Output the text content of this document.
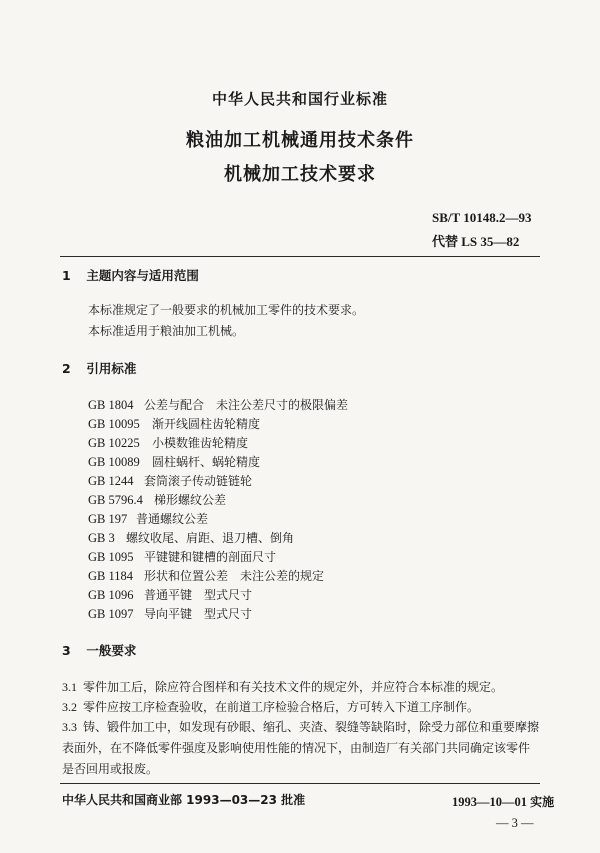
中华人民共和国行业标准
粮油加工机械通用技术条件
机械加工技术要求
SB/T 10148.2—93
代替 LS 35—82
1 主题内容与适用范围
本标准规定了一般要求的机械加工零件的技术要求。
本标准适用于粮油加工机械。
2 引用标准
GB 1804 公差与配合　未注公差尺寸的极限偏差
GB 10095 渐开线圆柱齿轮精度
GB 10225 小模数锥齿轮精度
GB 10089 圆柱蜗杆、蜗轮精度
GB 1244 套筒滚子传动链链轮
GB 5796.4 梯形螺纹公差
GB 197 普通螺纹公差
GB 3 螺纹收尾、肩距、退刀槽、倒角
GB 1095 平键键和键槽的剖面尺寸
GB 1184 形状和位置公差　未注公差的规定
GB 1096 普通平键　型式尺寸
GB 1097 导向平键　型式尺寸
3 一般要求
3.1 零件加工后，除应符合图样和有关技术文件的规定外，并应符合本标准的规定。
3.2 零件应按工序检查验收，在前道工序检验合格后，方可转入下道工序制作。
3.3 铸、锻件加工中，如发现有砂眼、缩孔、夹渣、裂缝等缺陷时，除受力部位和重要摩擦表面外，在不降低零件强度及影响使用性能的情况下，由制造厂有关部门共同确定该零件是否回用或报废。
中华人民共和国商业部 1993—03—23 批准	1993—10—01 实施
— 3 —
